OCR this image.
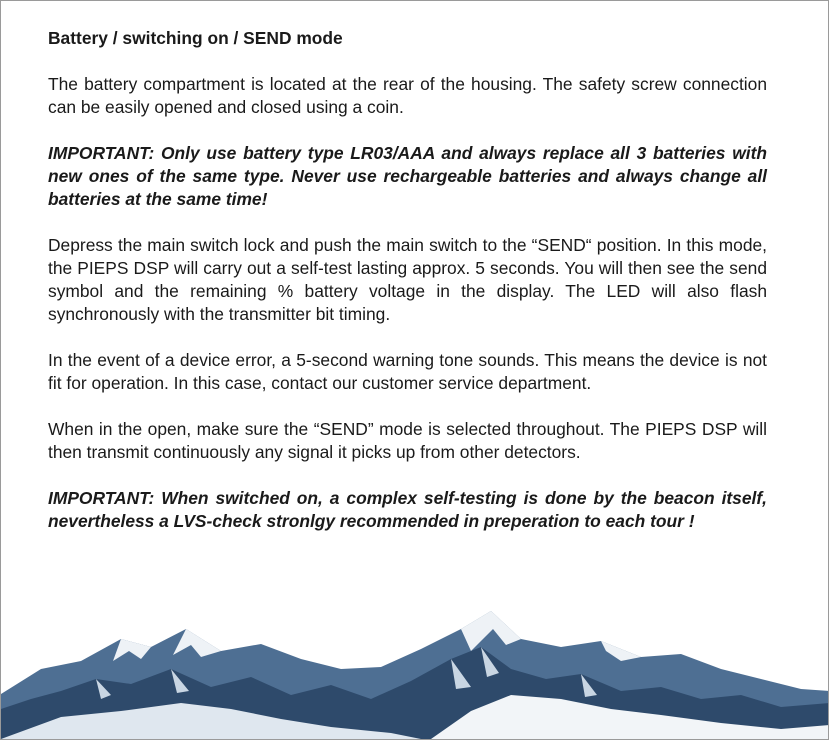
Battery / switching on / SEND mode

The battery compartment is located at the rear of the housing. The safety screw connection can be easily opened and closed using a coin.

IMPORTANT: Only use battery type LR03/AAA and always replace all 3 batteries with new ones of the same type. Never use rechargeable batteries and always change all batteries at the same time!

Depress the main switch lock and push the main switch to the “SEND“ position. In this mode, the PIEPS DSP will carry out a self-test lasting approx. 5 seconds. You will then see the send symbol and the remaining % battery voltage in the display. The LED will also flash synchronously with the transmitter bit timing.

In the event of a device error, a 5-second warning tone sounds. This means the device is not fit for operation. In this case, contact our customer service department.

When in the open, make sure the “SEND” mode is selected throughout. The PIEPS DSP will then transmit continuously any signal it picks up from other detectors.

IMPORTANT: When switched on, a complex self-testing is done by the beacon itself, nevertheless a LVS-check stronlgy recommended in preperation to each tour !
